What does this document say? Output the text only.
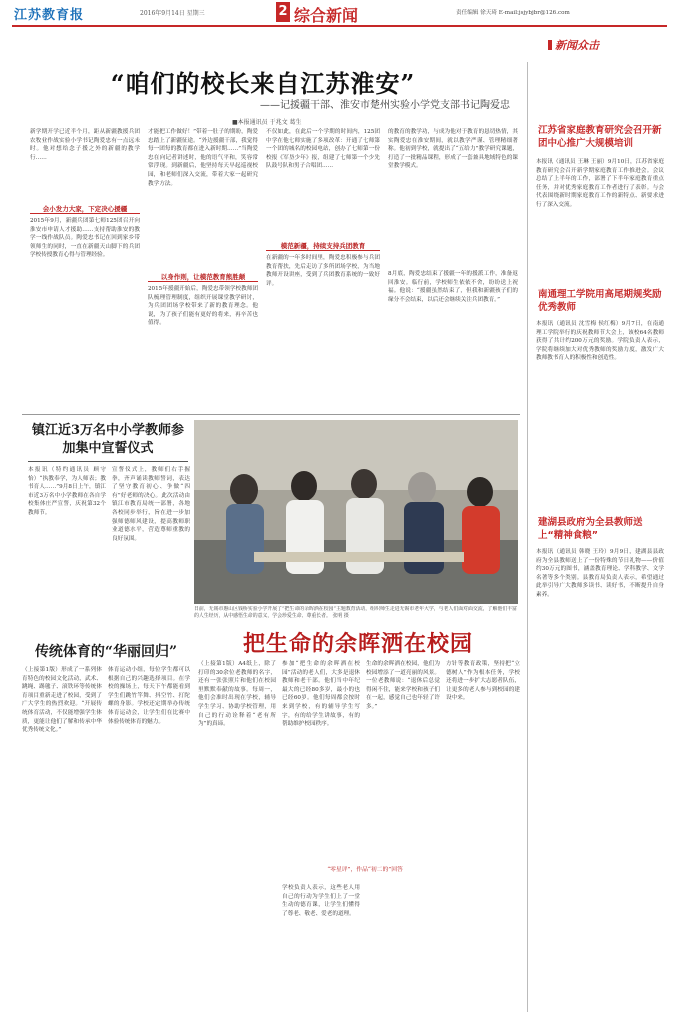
江苏教育报	2016年9月14日 星期三	2 综合新闻	责任编辑 徐天琦 E-mail:jsjybjbr@126.com
“咱们的校长来自江苏淮安”
——记援疆干部、淮安市楚州实验小学党支部书记陶爱忠
■本报通讯员 于兆文 葛生
新学期开学已近半个月，距从新疆教援兵团农牧业作战实验小学书记陶爱忠有一点远未时。他对想给念子援之外的新疆的教学行……
会小发力大家，下定决心援疆
2015年9月，新疆兵团第七师125团召开向淮安市申请人才援助……支持帮助淮安的教学一线作战队员。陶爱忠书记在回到家乡带领师生的同时，一直在新疆天山脚下的兵团学校传授教育心得与管理经验。
才能把工作做好！”带着一肚子的期盼，陶爱忠踏上了新疆征途。“外边援疆干部，我觉得每一团每的教育都在进入新时期……”当陶爱忠在向记者讲述时，他的语气平和，笑容常常浮现。到新疆后，他坚持每天早起巡视校园，和老师们深入交流，带着大家一起研究教学方法。
以身作则，让模范教育熊胜颠
2015年援疆开始后，陶爱忠带领学校教师团队梳理管理制度，组织开展课堂教学研讨，为兵团团场学校带来了新的教育理念。他说，为了孩子们能有更好的将来，再辛苦也值得。
不仅如此，在此后一个学期的时间内，125团中学在他七师实施了多项改革：开通了七师第一个团的城名的校园电站，创办了七师第一份校报《军垦少年》报，组建了七师第一个少先队鼓号队和男子合唱团……
模范新疆，持续支持兵团教育
在新疆的一年多时间里，陶爱忠积极参与兵团教育帮扶，先后走访了多所团场学校，为当地教师开设讲座，受到了兵团教育系统的一致好评。
的教育的教学功，与成为他对于教育的恳切热情，其实陶爱忠在淮安期间，就以教学严谨、管理精细著称。他初到学校，就提出了“五给力”教学研究课题，打造了一批精品课程，形成了一套兼具地域特色的课堂教学模式。
8月底，陶爱忠结束了援疆一年的援派工作，准备返回淮安。临行前，学校师生依依不舍，纷纷送上祝福。他说：“援疆虽然结束了，但我和新疆孩子们的缘分不会结束，以后还会继续关注兵团教育。”
镇江近3万名中小学教师参加集中宣誓仪式
本报讯（特约通讯员 顾守怡）“执教奉学，为人师表；教书育人……”9月8日上午，镇江市近3万名中小学教师在各自学校集体庄严宣誓，庆祝第32个教师节。
宣誓仪式上，教师们右手握拳，齐声诵读教师誓词，表达了坚守教育初心、争做“四有”好老师的决心。此次活动由镇江市教育局统一部署，各地各校同步举行，旨在进一步加强师德师风建设，提高教师职业道德水平，营造尊师重教的良好氛围。
日前，无锡市惠山区钱桥实验小学开展了“把生命的余晖洒在校园”主题教育活动，组织师生走进无锡市老年大学，与老人们面对面交流，了解他们丰富的人生经历，从中感悟生命的意义，学会珍爱生命、尊重长者。 张明 摄
传统体育的“华丽回归”
（上接第1版）形成了一系列体育特色的校园文化活动，武术、跳绳、踢毽子、滚铁环等传统体育项目重新走进了校园，受到了广大学生的热烈欢迎。“开展传统体育活动，不仅能增强学生体质，更能让他们了解和传承中华优秀传统文化。”
体育运动小组，每位学生都可以根据自己的兴趣选择项目。在学校的操场上，每天下午都能看到学生们跳竹竿舞、抖空竹、打陀螺的身影。学校还定期举办传统体育运动会，让学生们在比赛中体验传统体育的魅力。
把生命的余晖洒在校园
（上接第1版）A4纸上，除了打印的30余位老教师的名字，还有一张张照片和他们在校园里默默奉献的故事。每周一，他们会准时出现在学校，辅导学生学习、协助学校管理，用自己的行动诠释着“老有所为”的真谛。
参加“把生命的余晖洒在校园”活动的老人们，大多是退休教师和老干部。他们当中年纪最大的已经80多岁，最小的也已经60岁。他们每周都会按时来到学校，有的辅导学生写字，有的给学生讲故事，有的帮助维护校园秩序。
“零星评”，作品“初二的”回答
学校负责人表示，这些老人用自己的行动为学生们上了一堂生动的德育课，让学生们懂得了尊老、敬老、爱老的道理。
生命的余晖洒在校园，他们为校园增添了一道亮丽的风景。一位老教师说：“退休后总觉得闲不住，能来学校和孩子们在一起，感觉自己也年轻了许多。”
方针等教育政策，坚持把“立德树人”作为根本任务，学校还将进一步扩大志愿者队伍，让更多的老人参与到校园的建设中来。
新闻众击
江苏省家庭教育研究会召开新团中心推广大规模培训
本报讯（通讯员 王琳 王丽）9月10日，江苏省家庭教育研究会召开新学期家庭教育工作推进会。会议总结了上半年的工作，部署了下半年家庭教育重点任务，并对优秀家庭教育工作者进行了表彰。与会代表围绕新时期家庭教育工作的新特点、新要求进行了深入交流。
南通理工学院用高尾期规奖励优秀教师
本报讯（通讯员 沈雪梅 侯红梅）9月7日，在南通理工学院举行的庆祝教师节大会上，该校64名教师获得了共计约200万元的奖励。学院负责人表示，学院将继续加大对优秀教师的奖励力度，激发广大教师教书育人的积极性和创造性。
建湖县政府为全县教师送上“精神食粮”
本报讯（通讯员 韩晓 王玲）9月9日，建湖县县政府为全县教师送上了一份特殊的节日礼物——价值约30万元的图书，涵盖教育理论、学科教学、文学名著等多个类别。县教育局负责人表示，希望通过此举引导广大教师多读书、读好书，不断提升自身素养。
